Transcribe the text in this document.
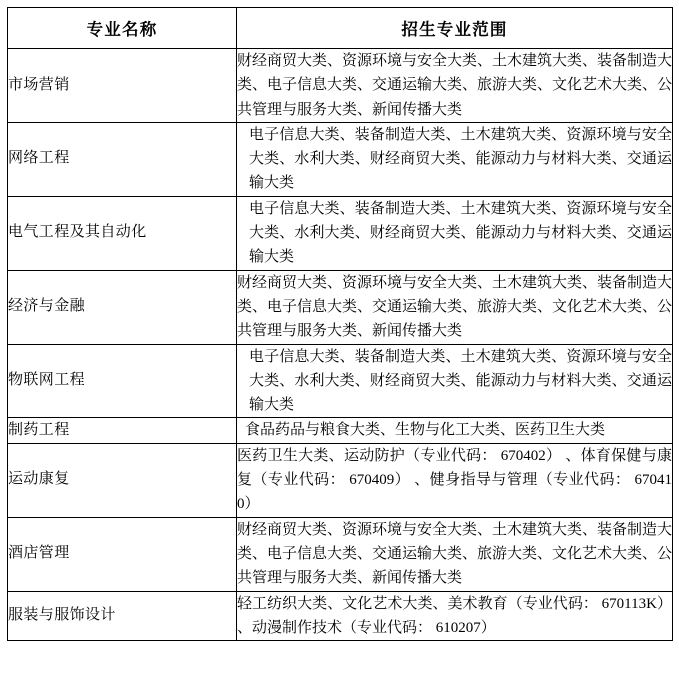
专业名称	招生专业范围
市场营销	财经商贸大类、资源环境与安全大类、土木建筑大类、装备制造大类、电子信息大类、交通运输大类、旅游大类、文化艺术大类、公共管理与服务大类、新闻传播大类

网络工程	电子信息大类、装备制造大类、土木建筑大类、资源环境与安全大类、水利大类、财经商贸大类、能源动力与材料大类、交通运输大类

电气工程及其自动化	电子信息大类、装备制造大类、土木建筑大类、资源环境与安全大类、水利大类、财经商贸大类、能源动力与材料大类、交通运输大类

经济与金融	财经商贸大类、资源环境与安全大类、土木建筑大类、装备制造大类、电子信息大类、交通运输大类、旅游大类、文化艺术大类、公共管理与服务大类、新闻传播大类

物联网工程	电子信息大类、装备制造大类、土木建筑大类、资源环境与安全大类、水利大类、财经商贸大类、能源动力与材料大类、交通运输大类

制药工程	食品药品与粮食大类、生物与化工大类、医药卫生大类

运动康复	医药卫生大类、运动防护（专业代码： 670402） 、体育保健与康复（专业代码： 670409） 、健身指导与管理（专业代码： 670410）

酒店管理	财经商贸大类、资源环境与安全大类、土木建筑大类、装备制造大类、电子信息大类、交通运输大类、旅游大类、文化艺术大类、公共管理与服务大类、新闻传播大类

服装与服饰设计	轻工纺织大类、文化艺术大类、美术教育（专业代码： 670113K） 、动漫制作技术（专业代码： 610207）
